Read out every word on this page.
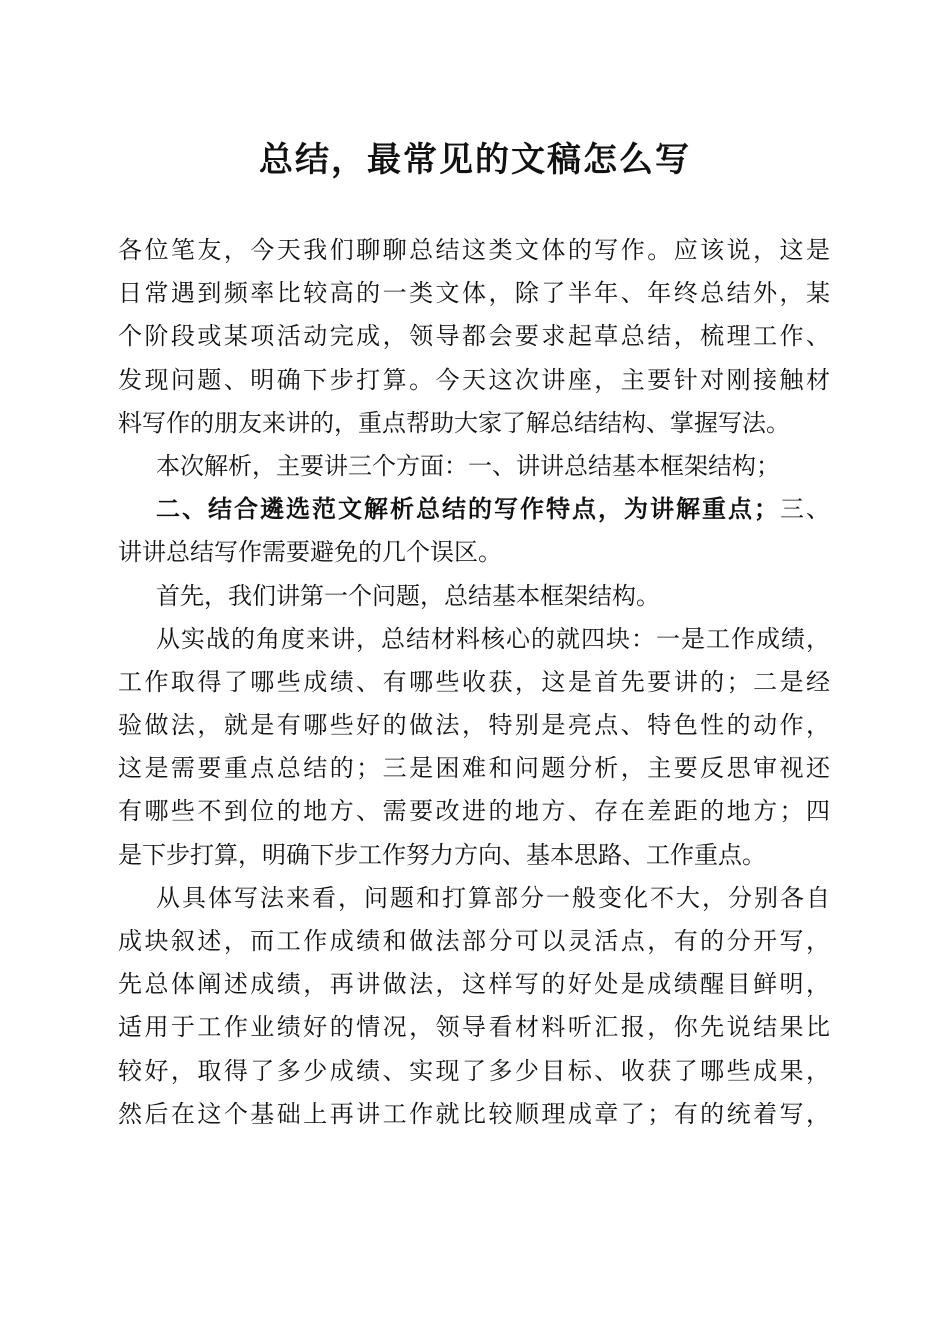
总结，最常见的文稿怎么写
各位笔友，今天我们聊聊总结这类文体的写作。应该说，这是
日常遇到频率比较高的一类文体，除了半年、年终总结外，某
个阶段或某项活动完成，领导都会要求起草总结，梳理工作、
发现问题、明确下步打算。今天这次讲座，主要针对刚接触材
料写作的朋友来讲的，重点帮助大家了解总结结构、掌握写法。
本次解析，主要讲三个方面：一、讲讲总结基本框架结构；
二、结合遴选范文解析总结的写作特点，为讲解重点；三、
讲讲总结写作需要避免的几个误区。
首先，我们讲第一个问题，总结基本框架结构。
从实战的角度来讲，总结材料核心的就四块：一是工作成绩，
工作取得了哪些成绩、有哪些收获，这是首先要讲的；二是经
验做法，就是有哪些好的做法，特别是亮点、特色性的动作，
这是需要重点总结的；三是困难和问题分析，主要反思审视还
有哪些不到位的地方、需要改进的地方、存在差距的地方；四
是下步打算，明确下步工作努力方向、基本思路、工作重点。
从具体写法来看，问题和打算部分一般变化不大，分别各自
成块叙述，而工作成绩和做法部分可以灵活点，有的分开写，
先总体阐述成绩，再讲做法，这样写的好处是成绩醒目鲜明，
适用于工作业绩好的情况，领导看材料听汇报，你先说结果比
较好，取得了多少成绩、实现了多少目标、收获了哪些成果，
然后在这个基础上再讲工作就比较顺理成章了；有的统着写，
